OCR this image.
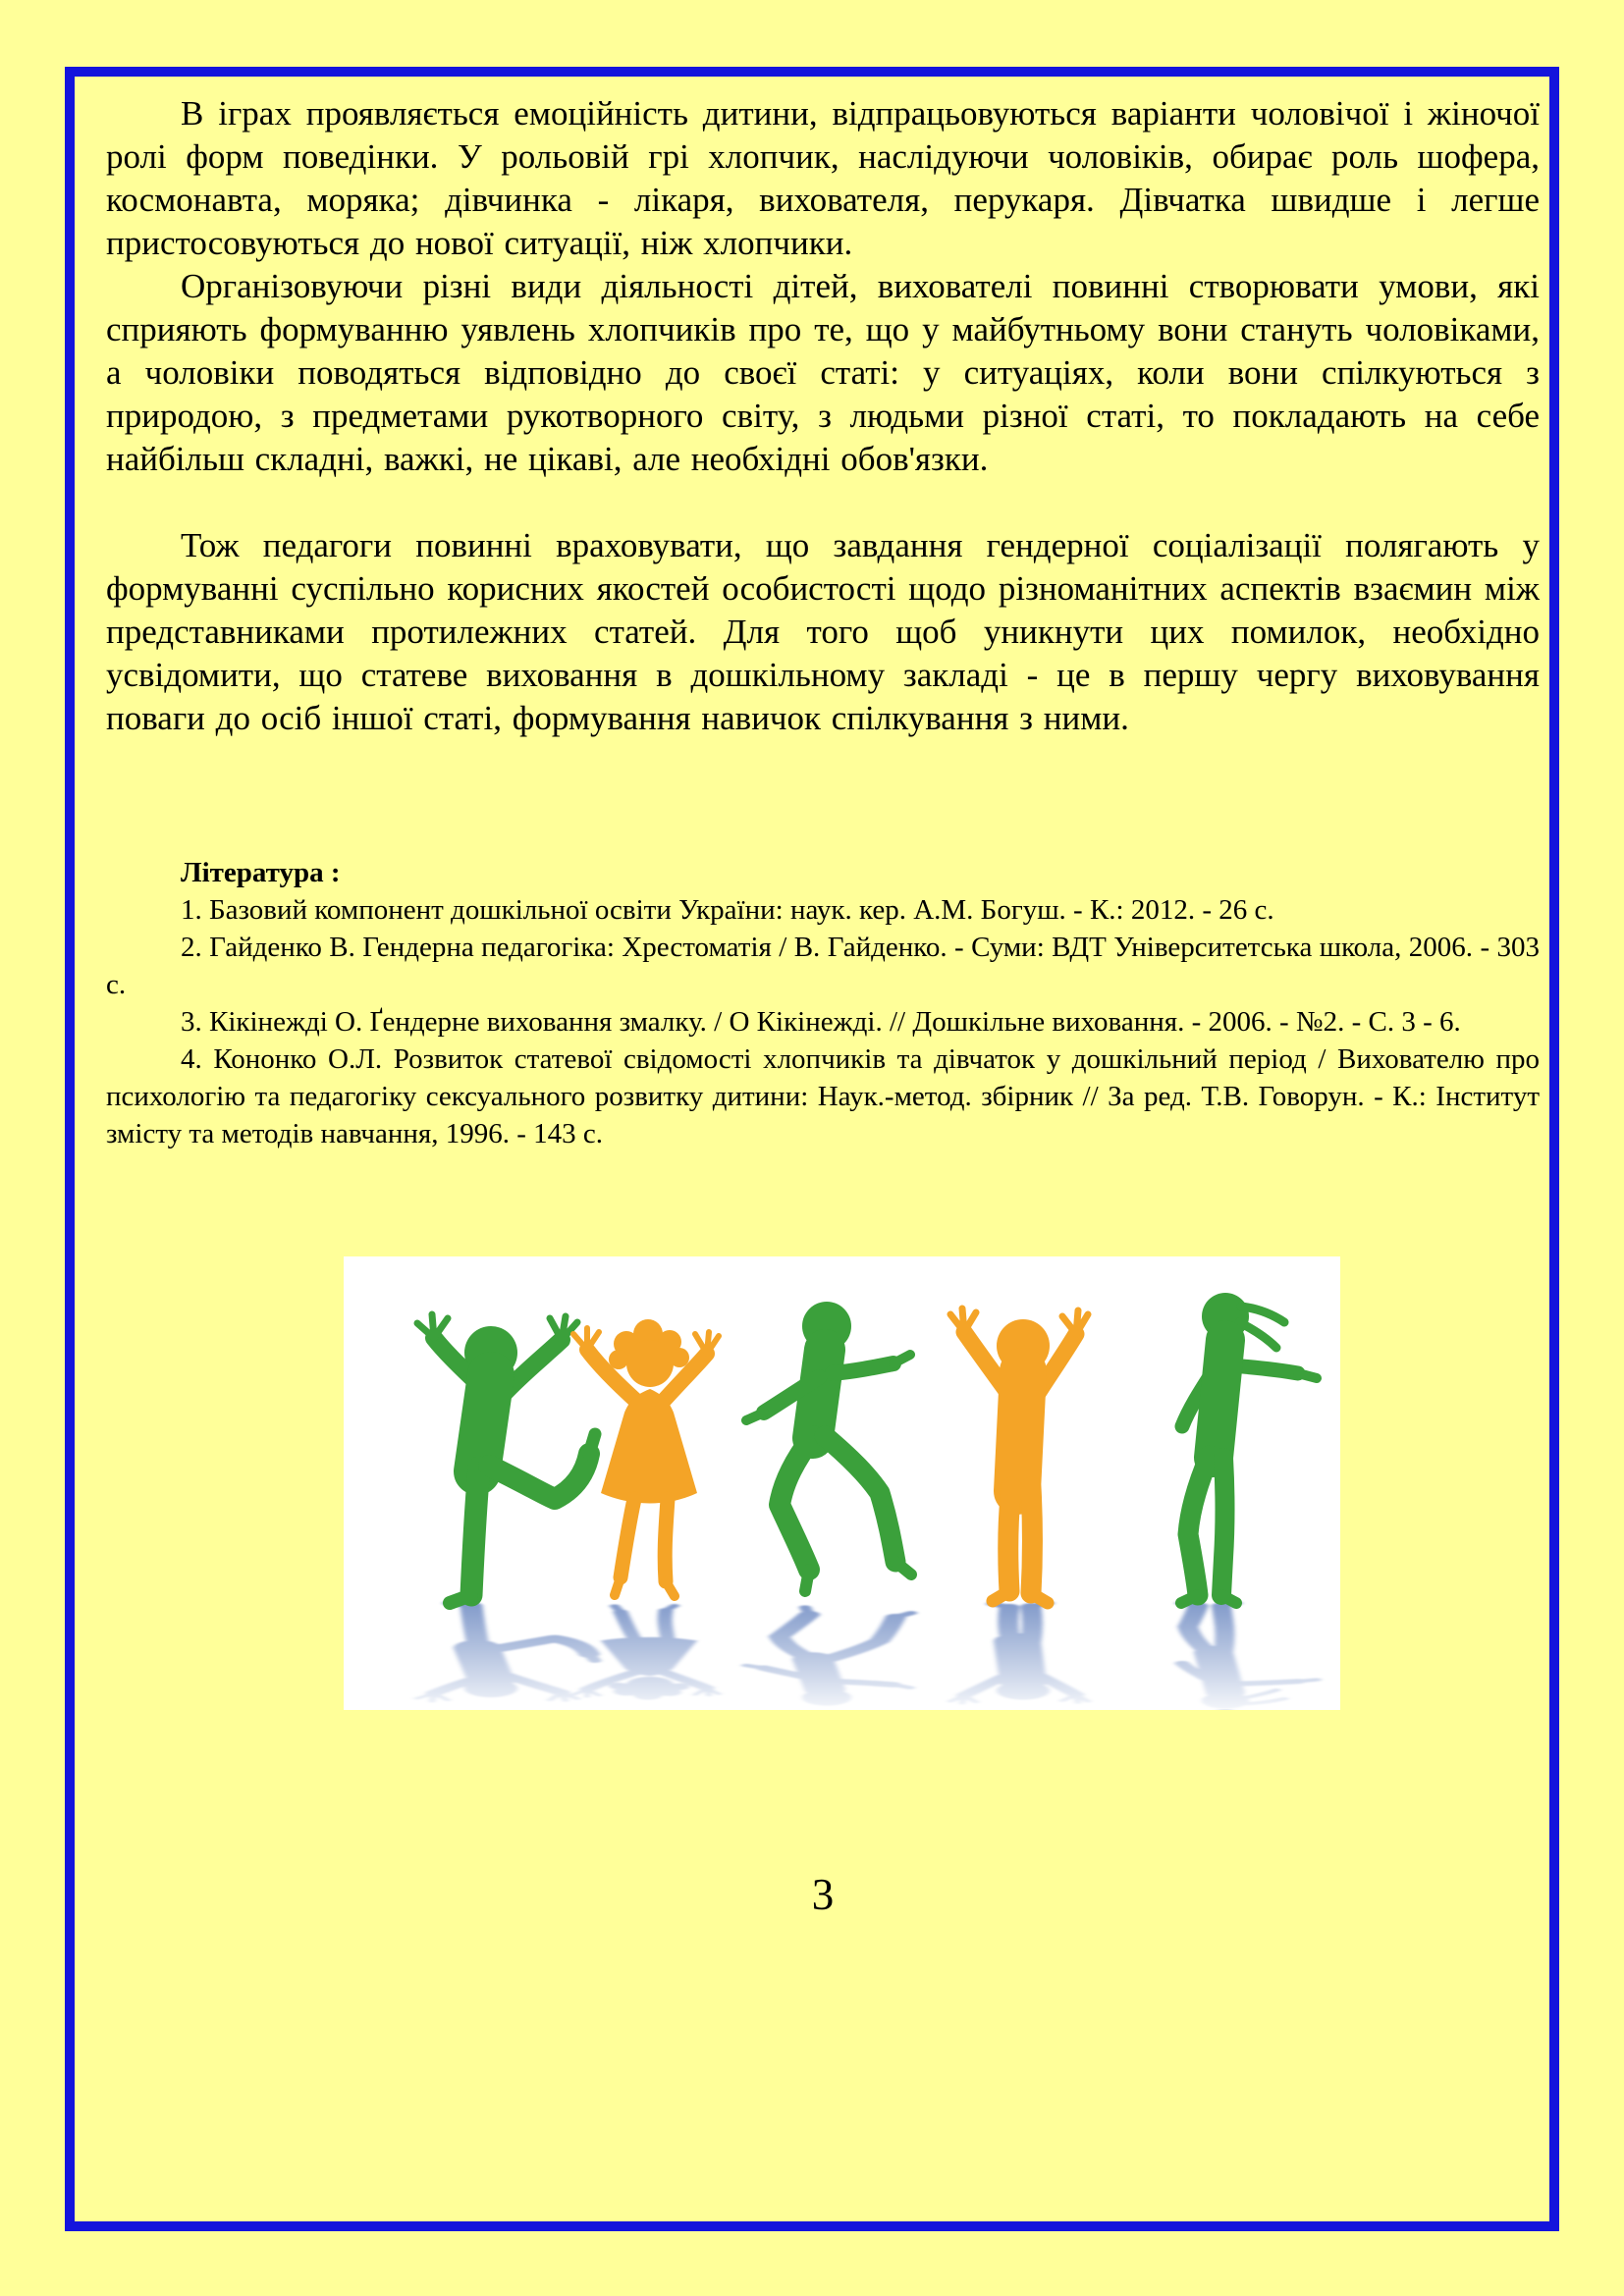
В іграх проявляється емоційність дитини, відпрацьовуються варіанти чоловічої і жіночої ролі форм поведінки. У рольовій грі хлопчик, наслідуючи чоловіків, обирає роль шофера, космонавта, моряка; дівчинка - лікаря, вихователя, перукаря. Дівчатка швидше і легше пристосовуються до нової ситуації, ніж хлопчики.

Організовуючи різні види діяльності дітей, вихователі повинні створювати умови, які сприяють формуванню уявлень хлопчиків про те, що у майбутньому вони стануть чоловіками, а чоловіки поводяться відповідно до своєї статі: у ситуаціях, коли вони спілкуються з природою, з предметами рукотворного світу, з людьми різної статі, то покладають на себе найбільш складні, важкі, не цікаві, але необхідні обов'язки.

Тож педагоги повинні враховувати, що завдання гендерної соціалізації полягають у формуванні суспільно корисних якостей особистості щодо різноманітних аспектів взаємин між представниками протилежних статей. Для того щоб уникнути цих помилок, необхідно усвідомити, що статеве виховання в дошкільному закладі - це в першу чергу виховування поваги до осіб іншої статі, формування навичок спілкування з ними.

Література :

1. Базовий компонент дошкільної освіти України: наук. кер. А.М. Богуш. - К.: 2012. - 26 с.

2. Гайденко В. Гендерна педагогіка: Хрестоматія / В. Гайденко. - Суми: ВДТ Університетська школа, 2006. - 303 с.

3. Кікінежді О. Ґендерне виховання змалку. / О Кікінежді. // Дошкільне виховання. - 2006. - №2. - С. 3 - 6.

4. Кононко О.Л. Розвиток статевої свідомості хлопчиків та дівчаток у дошкільний період / Вихователю про психологію та педагогіку сексуального розвитку дитини: Наук.-метод. збірник // За ред. Т.В. Говорун. - К.: Інститут змісту та методів навчання, 1996. - 143 с.

3
